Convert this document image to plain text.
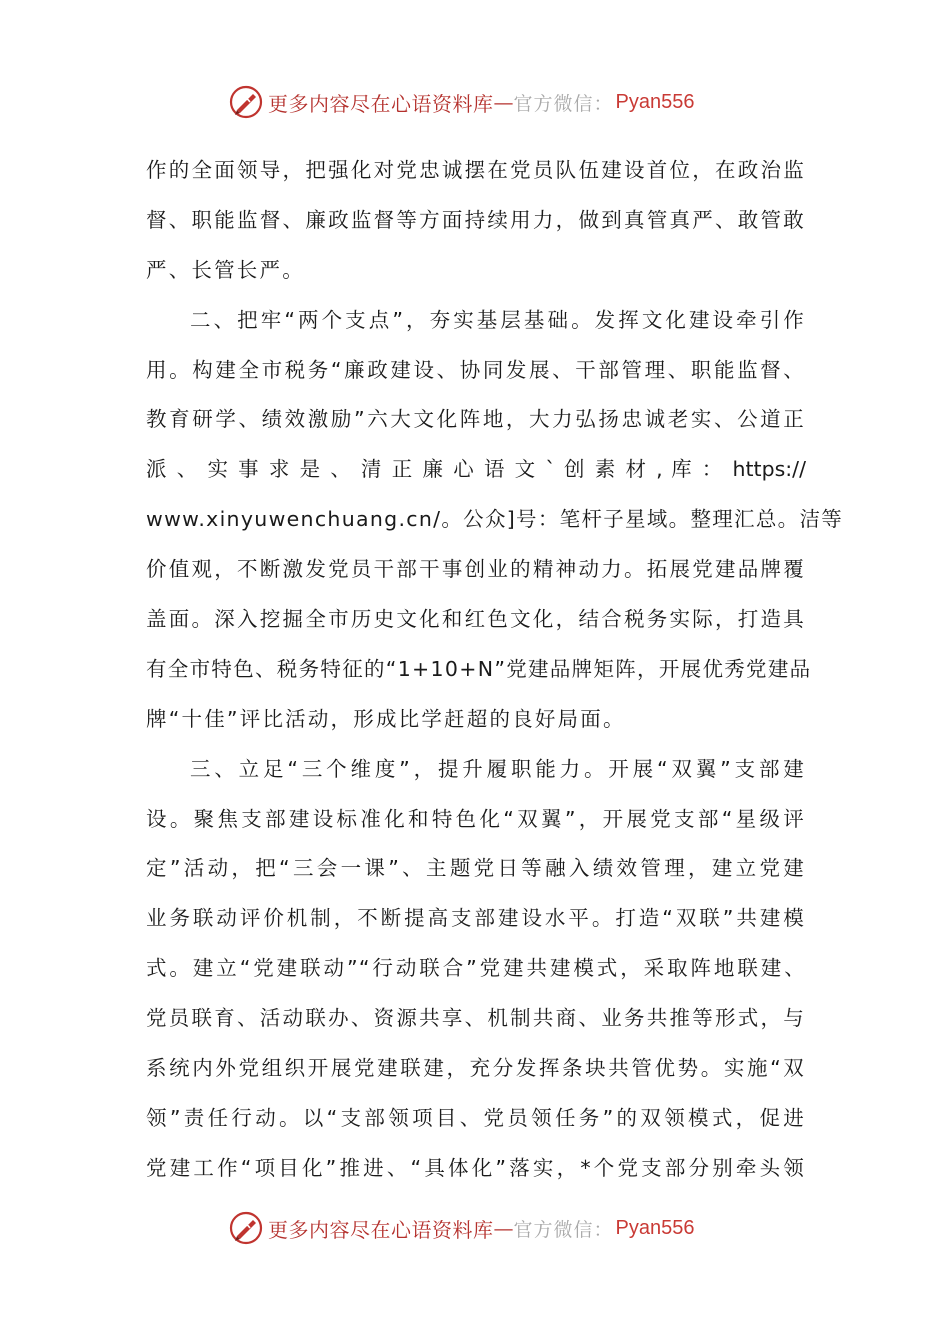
更多内容尽在心语资料库 — 官方微信： Pyan556
作的全面领导，把强化对党忠诚摆在党员队伍建设首位，在政治监
督、职能监督、廉政监督等方面持续用力，做到真管真严、敢管敢
严、长管长严。
二、把牢“两个支点”，夯实基层基础。发挥文化建设牵引作
用。构建全市税务“廉政建设、协同发展、干部管理、职能监督、
教育研学、绩效激励”六大文化阵地，大力弘扬忠诚老实、公道正
派 、 实 事 求 是 、 清 正 廉 心 语 文 ` 创 素 材 , 库 ： https://
www.xinyuwenchuang.cn/。公众]号：笔杆子星域。整理汇总。洁等
价值观，不断激发党员干部干事创业的精神动力。拓展党建品牌覆
盖面。深入挖掘全市历史文化和红色文化，结合税务实际，打造具
有全市特色、税务特征的“1+10+N”党建品牌矩阵，开展优秀党建品
牌“十佳”评比活动，形成比学赶超的良好局面。
三、立足“三个维度”，提升履职能力。开展“双翼”支部建
设。聚焦支部建设标准化和特色化“双翼”，开展党支部“星级评
定”活动，把“三会一课”、主题党日等融入绩效管理，建立党建
业务联动评价机制，不断提高支部建设水平。打造“双联”共建模
式。建立“党建联动”“行动联合”党建共建模式，采取阵地联建、
党员联育、活动联办、资源共享、机制共商、业务共推等形式，与
系统内外党组织开展党建联建，充分发挥条块共管优势。实施“双
领”责任行动。以“支部领项目、党员领任务”的双领模式，促进
党建工作“项目化”推进、“具体化”落实，*个党支部分别牵头领
更多内容尽在心语资料库 — 官方微信： Pyan556
